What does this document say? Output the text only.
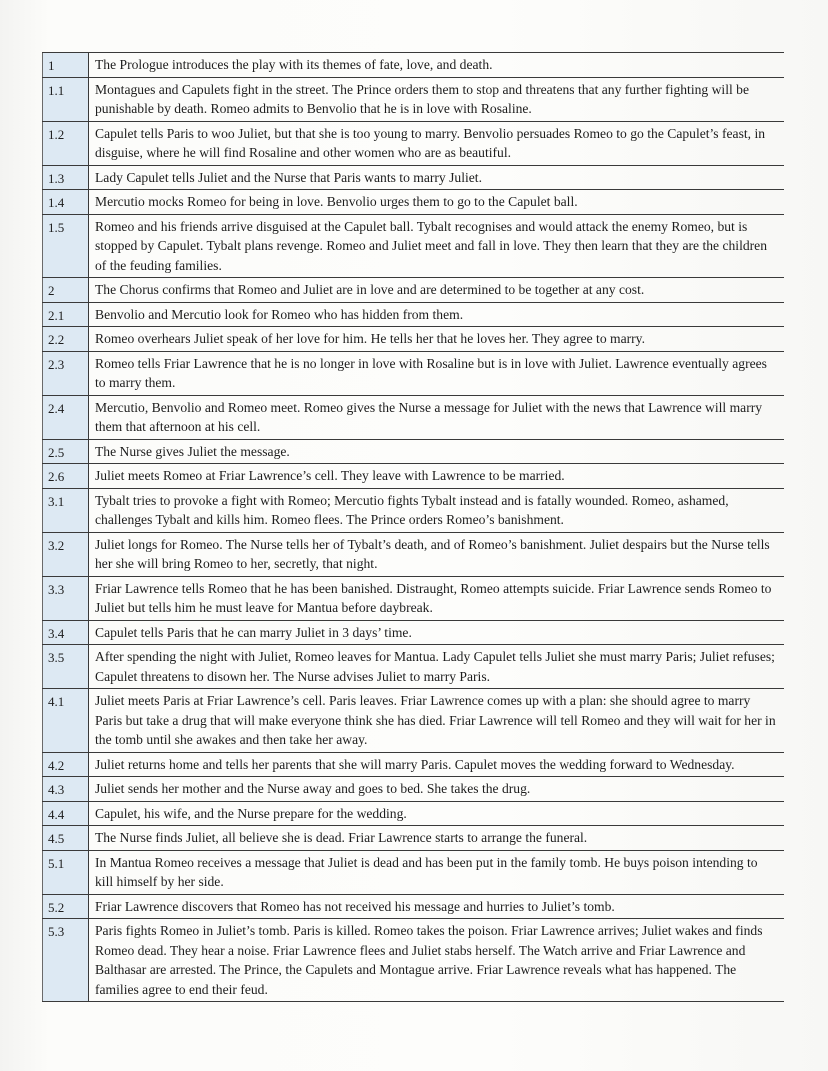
1	The Prologue introduces the play with its themes of fate, love, and death.
1.1	Montagues and Capulets fight in the street. The Prince orders them to stop and threatens that any further fighting will be punishable by death. Romeo admits to Benvolio that he is in love with Rosaline.
1.2	Capulet tells Paris to woo Juliet, but that she is too young to marry. Benvolio persuades Romeo to go the Capulet’s feast, in disguise, where he will find Rosaline and other women who are as beautiful.
1.3	Lady Capulet tells Juliet and the Nurse that Paris wants to marry Juliet.
1.4	Mercutio mocks Romeo for being in love. Benvolio urges them to go to the Capulet ball.
1.5	Romeo and his friends arrive disguised at the Capulet ball. Tybalt recognises and would attack the enemy Romeo, but is stopped by Capulet. Tybalt plans revenge. Romeo and Juliet meet and fall in love. They then learn that they are the children of the feuding families.
2	The Chorus confirms that Romeo and Juliet are in love and are determined to be together at any cost.
2.1	Benvolio and Mercutio look for Romeo who has hidden from them.
2.2	Romeo overhears Juliet speak of her love for him. He tells her that he loves her. They agree to marry.
2.3	Romeo tells Friar Lawrence that he is no longer in love with Rosaline but is in love with Juliet. Lawrence eventually agrees to marry them.
2.4	Mercutio, Benvolio and Romeo meet. Romeo gives the Nurse a message for Juliet with the news that Lawrence will marry them that afternoon at his cell.
2.5	The Nurse gives Juliet the message.
2.6	Juliet meets Romeo at Friar Lawrence’s cell. They leave with Lawrence to be married.
3.1	Tybalt tries to provoke a fight with Romeo; Mercutio fights Tybalt instead and is fatally wounded. Romeo, ashamed, challenges Tybalt and kills him. Romeo flees. The Prince orders Romeo’s banishment.
3.2	Juliet longs for Romeo. The Nurse tells her of Tybalt’s death, and of Romeo’s banishment. Juliet despairs but the Nurse tells her she will bring Romeo to her, secretly, that night.
3.3	Friar Lawrence tells Romeo that he has been banished. Distraught, Romeo attempts suicide. Friar Lawrence sends Romeo to Juliet but tells him he must leave for Mantua before daybreak.
3.4	Capulet tells Paris that he can marry Juliet in 3 days’ time.
3.5	After spending the night with Juliet, Romeo leaves for Mantua. Lady Capulet tells Juliet she must marry Paris; Juliet refuses; Capulet threatens to disown her. The Nurse advises Juliet to marry Paris.
4.1	Juliet meets Paris at Friar Lawrence’s cell. Paris leaves. Friar Lawrence comes up with a plan: she should agree to marry Paris but take a drug that will make everyone think she has died. Friar Lawrence will tell Romeo and they will wait for her in the tomb until she awakes and then take her away.
4.2	Juliet returns home and tells her parents that she will marry Paris. Capulet moves the wedding forward to Wednesday.
4.3	Juliet sends her mother and the Nurse away and goes to bed. She takes the drug.
4.4	Capulet, his wife, and the Nurse prepare for the wedding.
4.5	The Nurse finds Juliet, all believe she is dead. Friar Lawrence starts to arrange the funeral.
5.1	In Mantua Romeo receives a message that Juliet is dead and has been put in the family tomb. He buys poison intending to kill himself by her side.
5.2	Friar Lawrence discovers that Romeo has not received his message and hurries to Juliet’s tomb.
5.3	Paris fights Romeo in Juliet’s tomb. Paris is killed. Romeo takes the poison. Friar Lawrence arrives; Juliet wakes and finds Romeo dead. They hear a noise. Friar Lawrence flees and Juliet stabs herself. The Watch arrive and Friar Lawrence and Balthasar are arrested. The Prince, the Capulets and Montague arrive. Friar Lawrence reveals what has happened. The families agree to end their feud.
